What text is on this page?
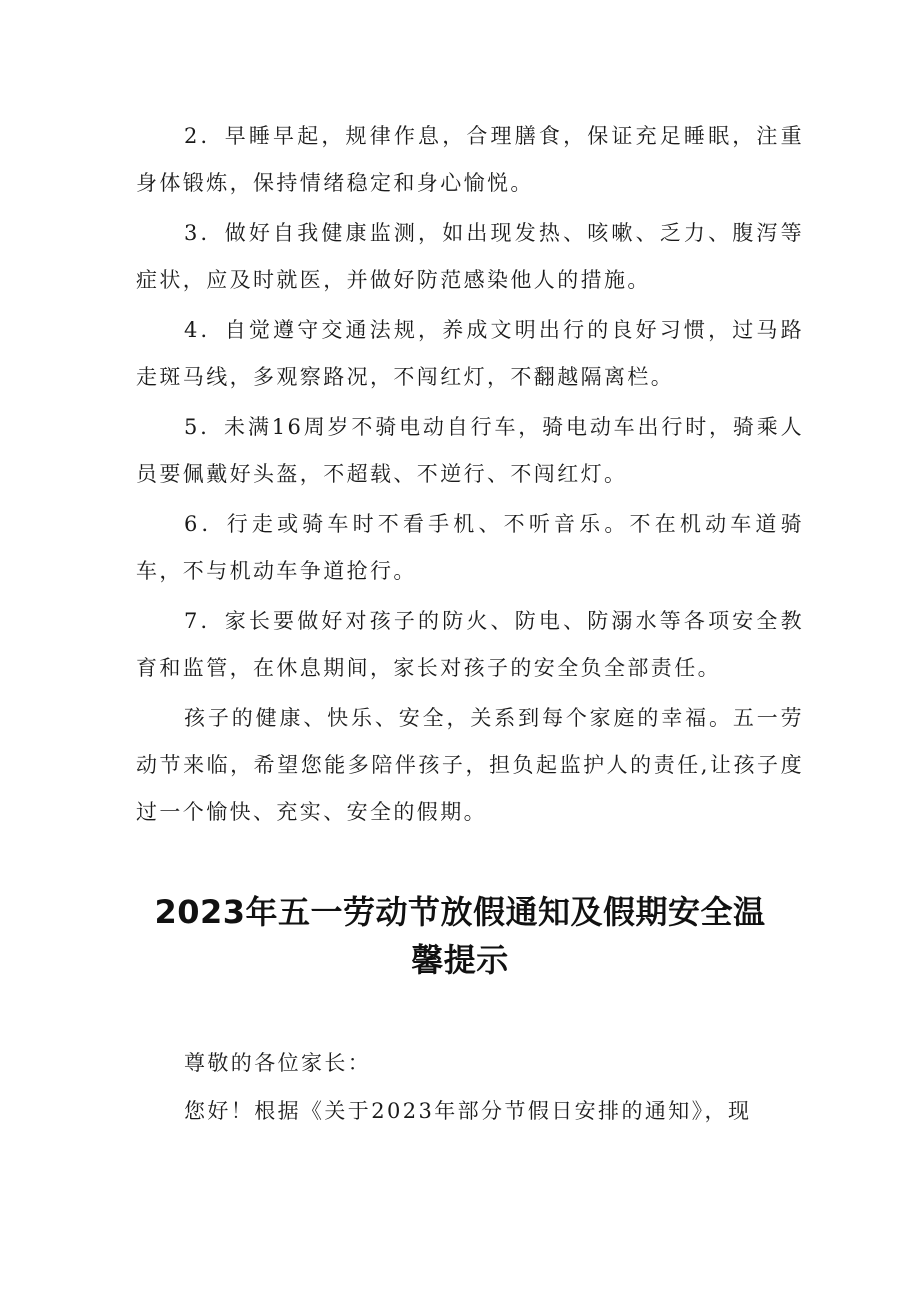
2．早睡早起，规律作息，合理膳食，保证充足睡眠，注重身体锻炼，保持情绪稳定和身心愉悦。

3．做好自我健康监测，如出现发热、咳嗽、乏力、腹泻等症状，应及时就医，并做好防范感染他人的措施。

4．自觉遵守交通法规，养成文明出行的良好习惯，过马路走斑马线，多观察路况，不闯红灯，不翻越隔离栏。

5．未满16周岁不骑电动自行车，骑电动车出行时，骑乘人员要佩戴好头盔，不超载、不逆行、不闯红灯。

6．行走或骑车时不看手机、不听音乐。不在机动车道骑车，不与机动车争道抢行。

7．家长要做好对孩子的防火、防电、防溺水等各项安全教育和监管，在休息期间，家长对孩子的安全负全部责任。

孩子的健康、快乐、安全，关系到每个家庭的幸福。五一劳动节来临，希望您能多陪伴孩子，担负起监护人的责任,让孩子度过一个愉快、充实、安全的假期。

2023年五一劳动节放假通知及假期安全温
馨提示

尊敬的各位家长：

您好！根据《关于2023年部分节假日安排的通知》，现
